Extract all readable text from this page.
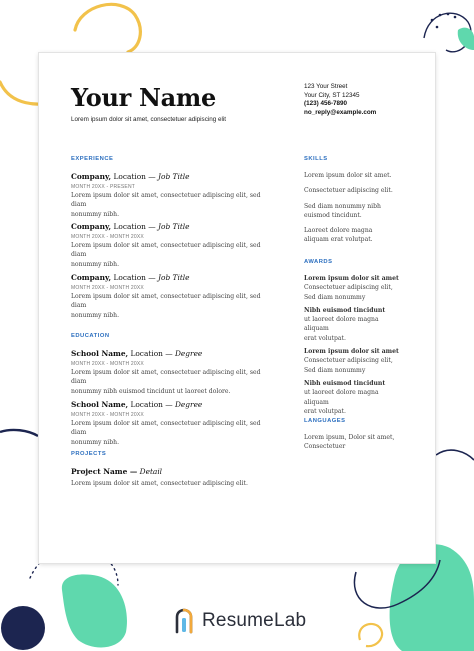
Your Name
Lorem ipsum dolor sit amet, consectetuer adipiscing elit
123 Your Street
Your City, ST 12345
(123) 456-7890
no_reply@example.com
EXPERIENCE
Company, Location — Job Title
MONTH 20XX - PRESENT
Lorem ipsum dolor sit amet, consectetuer adipiscing elit, sed diam
nonummy nibh.
Company, Location — Job Title
MONTH 20XX - MONTH 20XX
Lorem ipsum dolor sit amet, consectetuer adipiscing elit, sed diam
nonummy nibh.
Company, Location — Job Title
MONTH 20XX - MONTH 20XX
Lorem ipsum dolor sit amet, consectetuer adipiscing elit, sed diam
nonummy nibh.
EDUCATION
School Name, Location — Degree
MONTH 20XX - MONTH 20XX
Lorem ipsum dolor sit amet, consectetuer adipiscing elit, sed diam
nonummy nibh euismod tincidunt ut laoreet dolore.
School Name, Location — Degree
MONTH 20XX - MONTH 20XX
Lorem ipsum dolor sit amet, consectetuer adipiscing elit, sed diam
nonummy nibh.
PROJECTS
Project Name — Detail
Lorem ipsum dolor sit amet, consectetuer adipiscing elit.
SKILLS
Lorem ipsum dolor sit amet.
Consectetuer adipiscing elit.
Sed diam nonummy nibh
euismod tincidunt.
Laoreet dolore magna
aliquam erat volutpat.
AWARDS
Lorem ipsum dolor sit amet
Consectetuer adipiscing elit,
Sed diam nonummy
Nibh euismod tincidunt
ut laoreet dolore magna aliquam
erat volutpat.
Lorem ipsum dolor sit amet
Consectetuer adipiscing elit,
Sed diam nonummy
Nibh euismod tincidunt
ut laoreet dolore magna aliquam
erat volutpat.
LANGUAGES
Lorem ipsum, Dolor sit amet,
Consectetuer
ResumeLab
